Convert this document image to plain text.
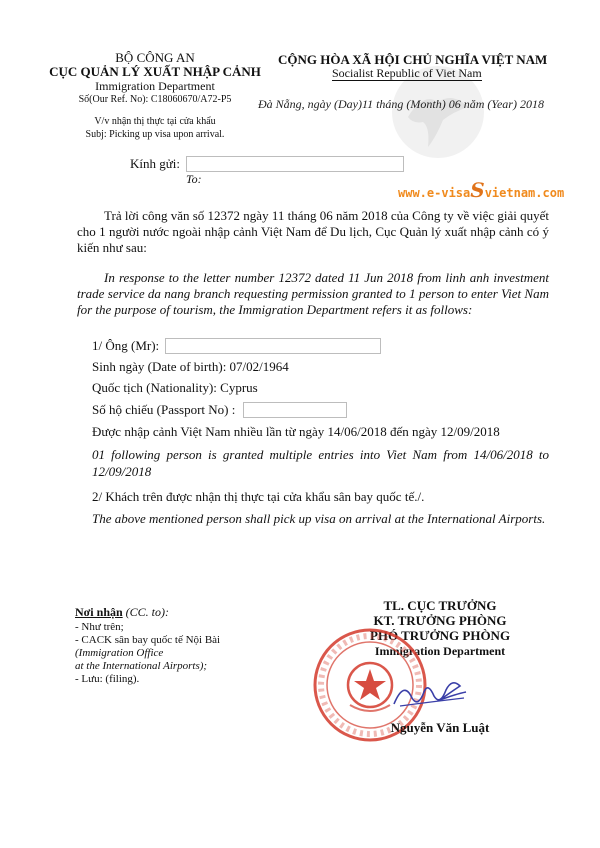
BỘ CÔNG AN
CỤC QUẢN LÝ XUẤT NHẬP CẢNH
Immigration Department
Số(Our Ref. No): C18060670/A72-P5
V/v nhận thị thực tại cửa khẩu
Subj: Picking up visa upon arrival.
CỘNG HÒA XÃ HỘI CHỦ NGHĨA VIỆT NAM
Socialist Republic of Viet Nam
Đà Nẵng, ngày (Day)11 tháng (Month) 06 năm (Year) 2018
Kính gửi:
To:
www.e-visaSvietnam.com
Trả lời công văn số 12372 ngày 11 tháng 06 năm 2018 của Công ty về việc giải quyết cho 1 người nước ngoài nhập cảnh Việt Nam để Du lịch, Cục Quản lý xuất nhập cảnh có ý kiến như sau:
In response to the letter number 12372 dated 11 Jun 2018 from linh anh investment trade service da nang branch requesting permission granted to 1 person to enter Viet Nam for the purpose of tourism, the Immigration Department refers it as follows:
1/ Ông (Mr):
Sinh ngày (Date of birth): 07/02/1964
Quốc tịch (Nationality): Cyprus
Số hộ chiếu (Passport No) :
Được nhập cảnh Việt Nam nhiều lần từ ngày 14/06/2018 đến ngày 12/09/2018
01 following person is granted multiple entries into Viet Nam from 14/06/2018 to 12/09/2018
2/ Khách trên được nhận thị thực tại cửa khẩu sân bay quốc tế./.
The above mentioned person shall pick up visa on arrival at the International Airports.
Nơi nhận (CC. to):
- Như trên;
- CACK sân bay quốc tế Nội Bài
(Immigration Office
at the International Airports);
- Lưu: (filing).
TL. CỤC TRƯỞNG
KT. TRƯỞNG PHÒNG
PHÓ TRƯỞNG PHÒNG
Immigration Department
Nguyễn Văn Luật
